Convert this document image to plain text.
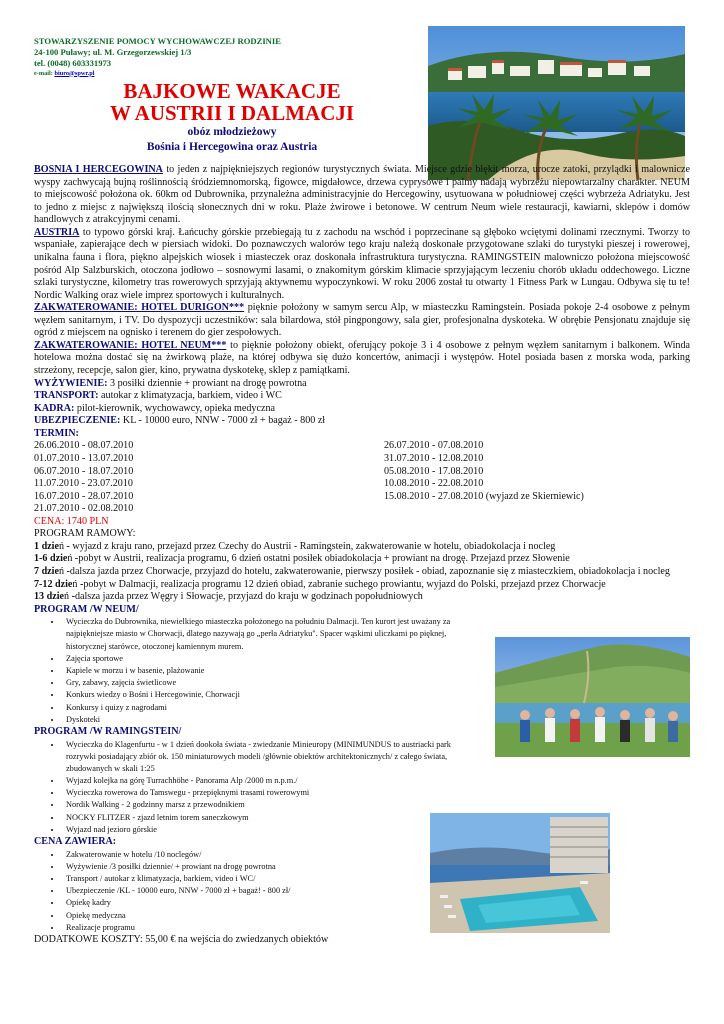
STOWARZYSZENIE POMOCY WYCHOWAWCZEJ RODZINIE
24-100 Puławy; ul. M. Grzegorzewskiej 1/3
tel. (0048) 603331973
e-mail: biuro@spwr.pl
BAJKOWE WAKACJE
W AUSTRII I DALMACJI
obóz młodzieżowy
Bośnia i Hercegowina oraz Austria

BOSNIA I HERCEGOWINA to jeden z najpiękniejszych regionów turystycznych świata. Miejsce gdzie błękit morza, urocze zatoki, przylądki i malownicze wyspy zachwycają bujną roślinnością śródziemnomorską, figowce, migdałowce, drzewa cyprysowe i palmy nadają wybrzeżu niepowtarzalny charakter. NEUM to miejscowość położona ok. 60km od Dubrownika, przynależna administracyjnie do Hercegowiny, usytuowana w południowej części wybrzeża Adriatyku. Jest to jedno z miejsc z największą ilością słonecznych dni w roku. Plaże żwirowe i betonowe. W centrum Neum wiele restauracji, kawiarni, sklepów i domów handlowych z atrakcyjnymi cenami.

AUSTRIA to typowo górski kraj. Łańcuchy górskie przebiegają tu z zachodu na wschód i poprzecinane są głęboko wciętymi dolinami rzecznymi. Tworzy to wspaniałe, zapierające dech w piersiach widoki. Do poznawczych walorów tego kraju należą doskonałe przygotowane szlaki do turystyki pieszej i rowerowej, unikalna fauna i flora, piękno alpejskich wiosek i miasteczek oraz doskonała infrastruktura turystyczna. RAMINGSTEIN malowniczo położona miejscowość pośród Alp Salzburskich, otoczona jodłowo – sosnowymi lasami, o znakomitym górskim klimacie sprzyjającym leczeniu chorób układu oddechowego. Liczne szlaki turystyczne, kilometry tras rowerowych sprzyjają aktywnemu wypoczynkowi. W roku 2006 został tu otwarty 1 Fitness Park w Lungau. Odbywa się tu te! Nordic Walking oraz wiele imprez sportowych i kulturalnych.

ZAKWATEROWANIE: HOTEL DURIGON*** pięknie położony w samym sercu Alp, w miasteczku Ramingstein. Posiada pokoje 2-4 osobowe z pełnym węzłem sanitarnym, i TV. Do dyspozycji uczestników: sala bilardowa, stół pingpongowy, sala gier, profesjonalna dyskoteka. W obrębie Pensjonatu znajduje się ogród z miejscem na ognisko i terenem do gier zespołowych.

ZAKWATEROWANIE: HOTEL NEUM*** to pięknie położony obiekt, oferujący pokoje 3 i 4 osobowe z pełnym węzłem sanitarnym i balkonem. Winda hotelowa można dostać się na żwirkową plaże, na której odbywa się dużo koncertów, animacji i występów. Hotel posiada basen z morska woda, parking strzeżony, recepcje, salon gier, kino, prywatna dyskotekę, sklep z pamiątkami.

WYŻYWIENIE: 3 posiłki dziennie + prowiant na drogę powrotna
TRANSPORT: autokar z klimatyzacja, barkiem, video i WC
KADRA: pilot-kierownik, wychowawcy, opieka medyczna
UBEZPIECZENIE: KL - 10000 euro, NNW - 7000 zł + bagaż - 800 zł
TERMIN:
26.06.2010 - 08.07.2010
01.07.2010 - 13.07.2010
06.07.2010 - 18.07.2010
11.07.2010 - 23.07.2010
16.07.2010 - 28.07.2010
21.07.2010 - 02.08.2010
26.07.2010 - 07.08.2010
31.07.2010 - 12.08.2010
05.08.2010 - 17.08.2010
10.08.2010 - 22.08.2010
15.08.2010 - 27.08.2010 (wyjazd ze Skierniewic)
CENA: 1740 PLN
PROGRAM RAMOWY:
1 dzień - wyjazd z kraju rano, przejazd przez Czechy do Austrii - Ramingstein, zakwaterowanie w hotelu, obiadokolacja i nocleg
1-6 dzień -pobyt w Austrii, realizacja programu, 6 dzień ostatni posiłek obiadokolacja + prowiant na drogę. Przejazd przez Słowenie
7 dzień -dalsza jazda przez Chorwacje, przyjazd do hotelu, zakwaterowanie, pierwszy posiłek - obiad, zapoznanie się z miasteczkiem, obiadokolacja i nocleg
7-12 dzień -pobyt w Dalmacji, realizacja programu 12 dzień obiad, zabranie suchego prowiantu, wyjazd do Polski, przejazd przez Chorwacje
13 dzień -dalsza jazda przez Węgry i Słowacje, przyjazd do kraju w godzinach popołudniowych
PROGRAM /W NEUM/
• Wycieczka do Dubrownika, niewielkiego miasteczka położonego na południu Dalmacji. Ten kurort jest uważany za najpiękniejsze miasto w Chorwacji, dlatego nazywają go „perła Adriatyku". Spacer wąskimi uliczkami po pięknej, historycznej starówce, otoczonej kamiennym murem.
• Zajęcia sportowe
• Kapiele w morzu i w basenie, plażowanie
• Gry, zabawy, zajęcia świetlicowe
• Konkurs wiedzy o Bośni i Hercegowinie, Chorwacji
• Konkursy i quizy z nagrodami
• Dyskoteki
PROGRAM /W RAMINGSTEIN/
• Wycieczka do Klagenfurtu - w 1 dzień dookoła świata - zwiedzanie Minieuropy (MINIMUNDUS to austriacki park rozrywki posiadający zbiór ok. 150 miniaturowych modeli /głównie obiektów architektonicznych/ z całego świata, zbudowanych w skali 1:25
• Wyjazd kolejka na górę Turrachhöhe - Panorama Alp /2000 m n.p.m./
• Wycieczka rowerowa do Tamswegu - przepięknymi trasami rowerowymi
• Nordik Walking - 2 godzinny marsz z przewodnikiem
• NOCKY FLITZER - zjazd letnim torem saneczkowym
• Wyjazd nad jezioro górskie
CENA ZAWIERA:
• Zakwaterowanie w hotelu /10 noclegów/
• Wyżywienie /3 posiłki dziennie/ + prowiant na drogę powrotna
• Transport / autokar z klimatyzacja, barkiem, video i WC/
• Ubezpieczenie /KL - 10000 euro, NNW - 7000 zł + bagaż! - 800 zł/
• Opiekę kadry
• Opiekę medyczna
• Realizacje programu
DODATKOWE KOSZTY: 55,00 € na wejścia do zwiedzanych obiektów
